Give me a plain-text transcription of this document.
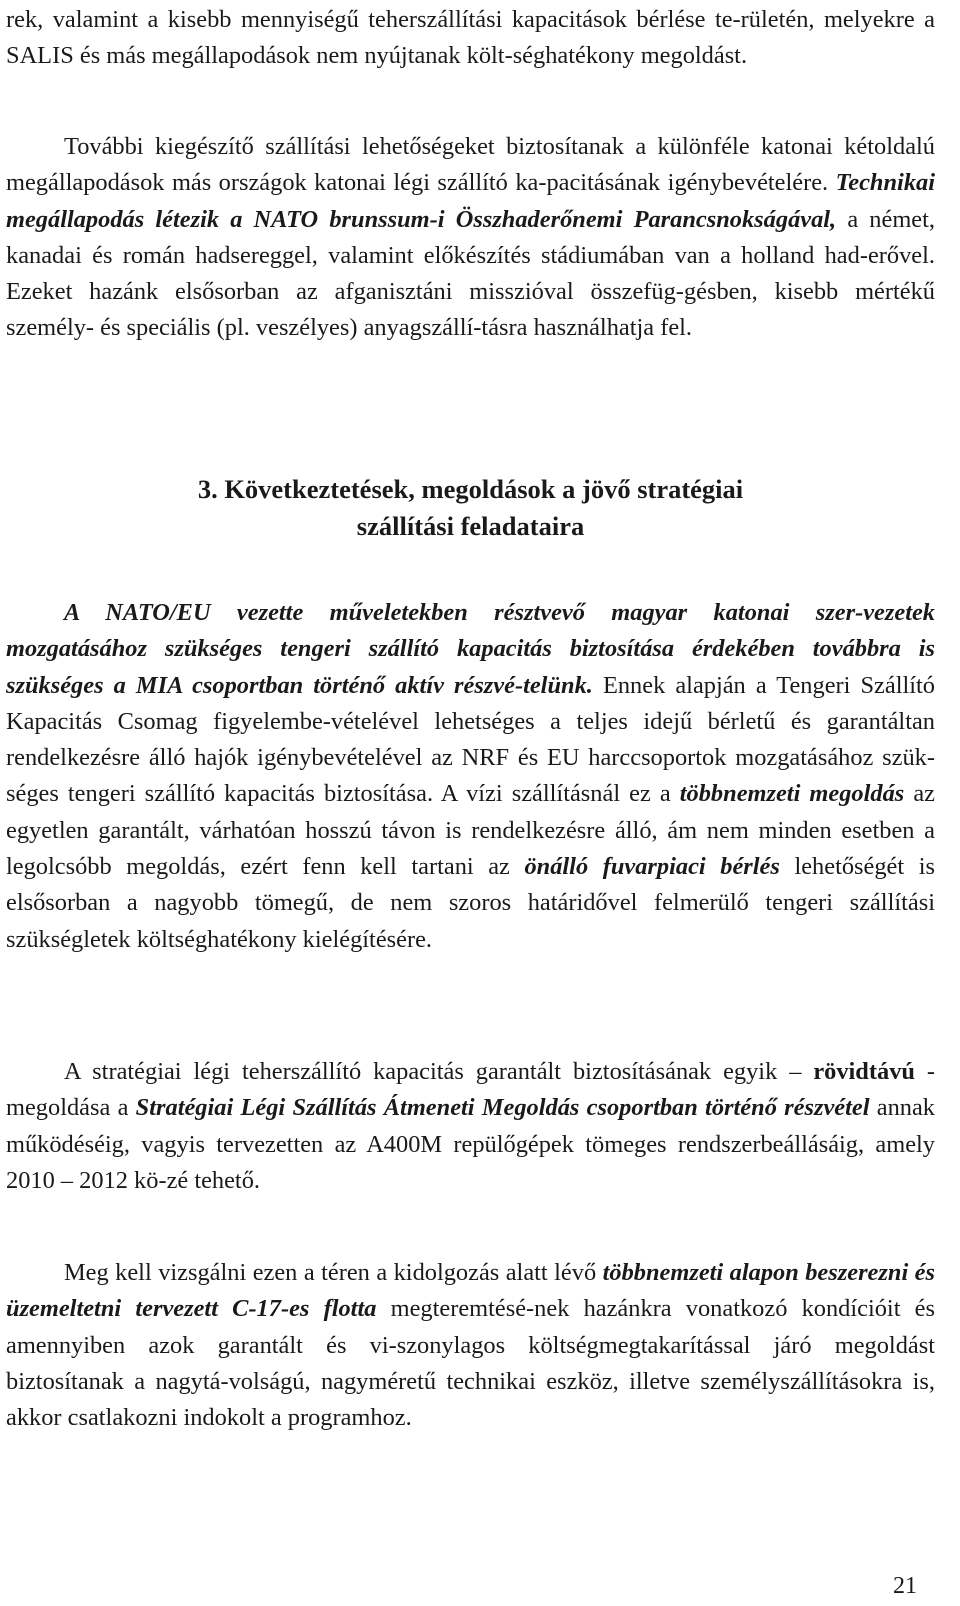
rek, valamint a kisebb mennyiségű teherszállítási kapacitások bérlése te-rületén, melyekre a SALIS és más megállapodások nem nyújtanak költ-séghatékony megoldást.

További kiegészítő szállítási lehetőségeket biztosítanak a különféle katonai kétoldalú megállapodások más országok katonai légi szállító ka-pacitásának igénybevételére. Technikai megállapodás létezik a NATO brunssum-i Összhaderőnemi Parancsnokságával, a német, kanadai és román hadsereggel, valamint előkészítés stádiumában van a holland had-erővel. Ezeket hazánk elsősorban az afganisztáni misszióval összefüg-gésben, kisebb mértékű személy- és speciális (pl. veszélyes) anyagszállí-tásra használhatja fel.

3. Következtetések, megoldások a jövő stratégiai
szállítási feladataira

A NATO/EU vezette műveletekben résztvevő magyar katonai szer-vezetek mozgatásához szükséges tengeri szállító kapacitás biztosítása érdekében továbbra is szükséges a MIA csoportban történő aktív részvé-telünk. Ennek alapján a Tengeri Szállító Kapacitás Csomag figyelembe-vételével lehetséges a teljes idejű bérletű és garantáltan rendelkezésre álló hajók igénybevételével az NRF és EU harccsoportok mozgatásához szük-séges tengeri szállító kapacitás biztosítása. A vízi szállításnál ez a többnemzeti megoldás az egyetlen garantált, várhatóan hosszú távon is rendelkezésre álló, ám nem minden esetben a legolcsóbb megoldás, ezért fenn kell tartani az önálló fuvarpiaci bérlés lehetőségét is elsősorban a nagyobb tömegű, de nem szoros határidővel felmerülő tengeri szállítási szükségletek költséghatékony kielégítésére.

A stratégiai légi teherszállító kapacitás garantált biztosításának egyik – rövidtávú -megoldása a Stratégiai Légi Szállítás Átmeneti Megoldás csoportban történő részvétel annak működéséig, vagyis tervezetten az A400M repülőgépek tömeges rendszerbeállásáig, amely 2010 – 2012 kö-zé tehető.

Meg kell vizsgálni ezen a téren a kidolgozás alatt lévő többnemzeti alapon beszerezni és üzemeltetni tervezett C-17-es flotta megteremtésé-nek hazánkra vonatkozó kondícióit és amennyiben azok garantált és vi-szonylagos költségmegtakarítással járó megoldást biztosítanak a nagytá-volságú, nagyméretű technikai eszköz, illetve személyszállításokra is, akkor csatlakozni indokolt a programhoz.

21
